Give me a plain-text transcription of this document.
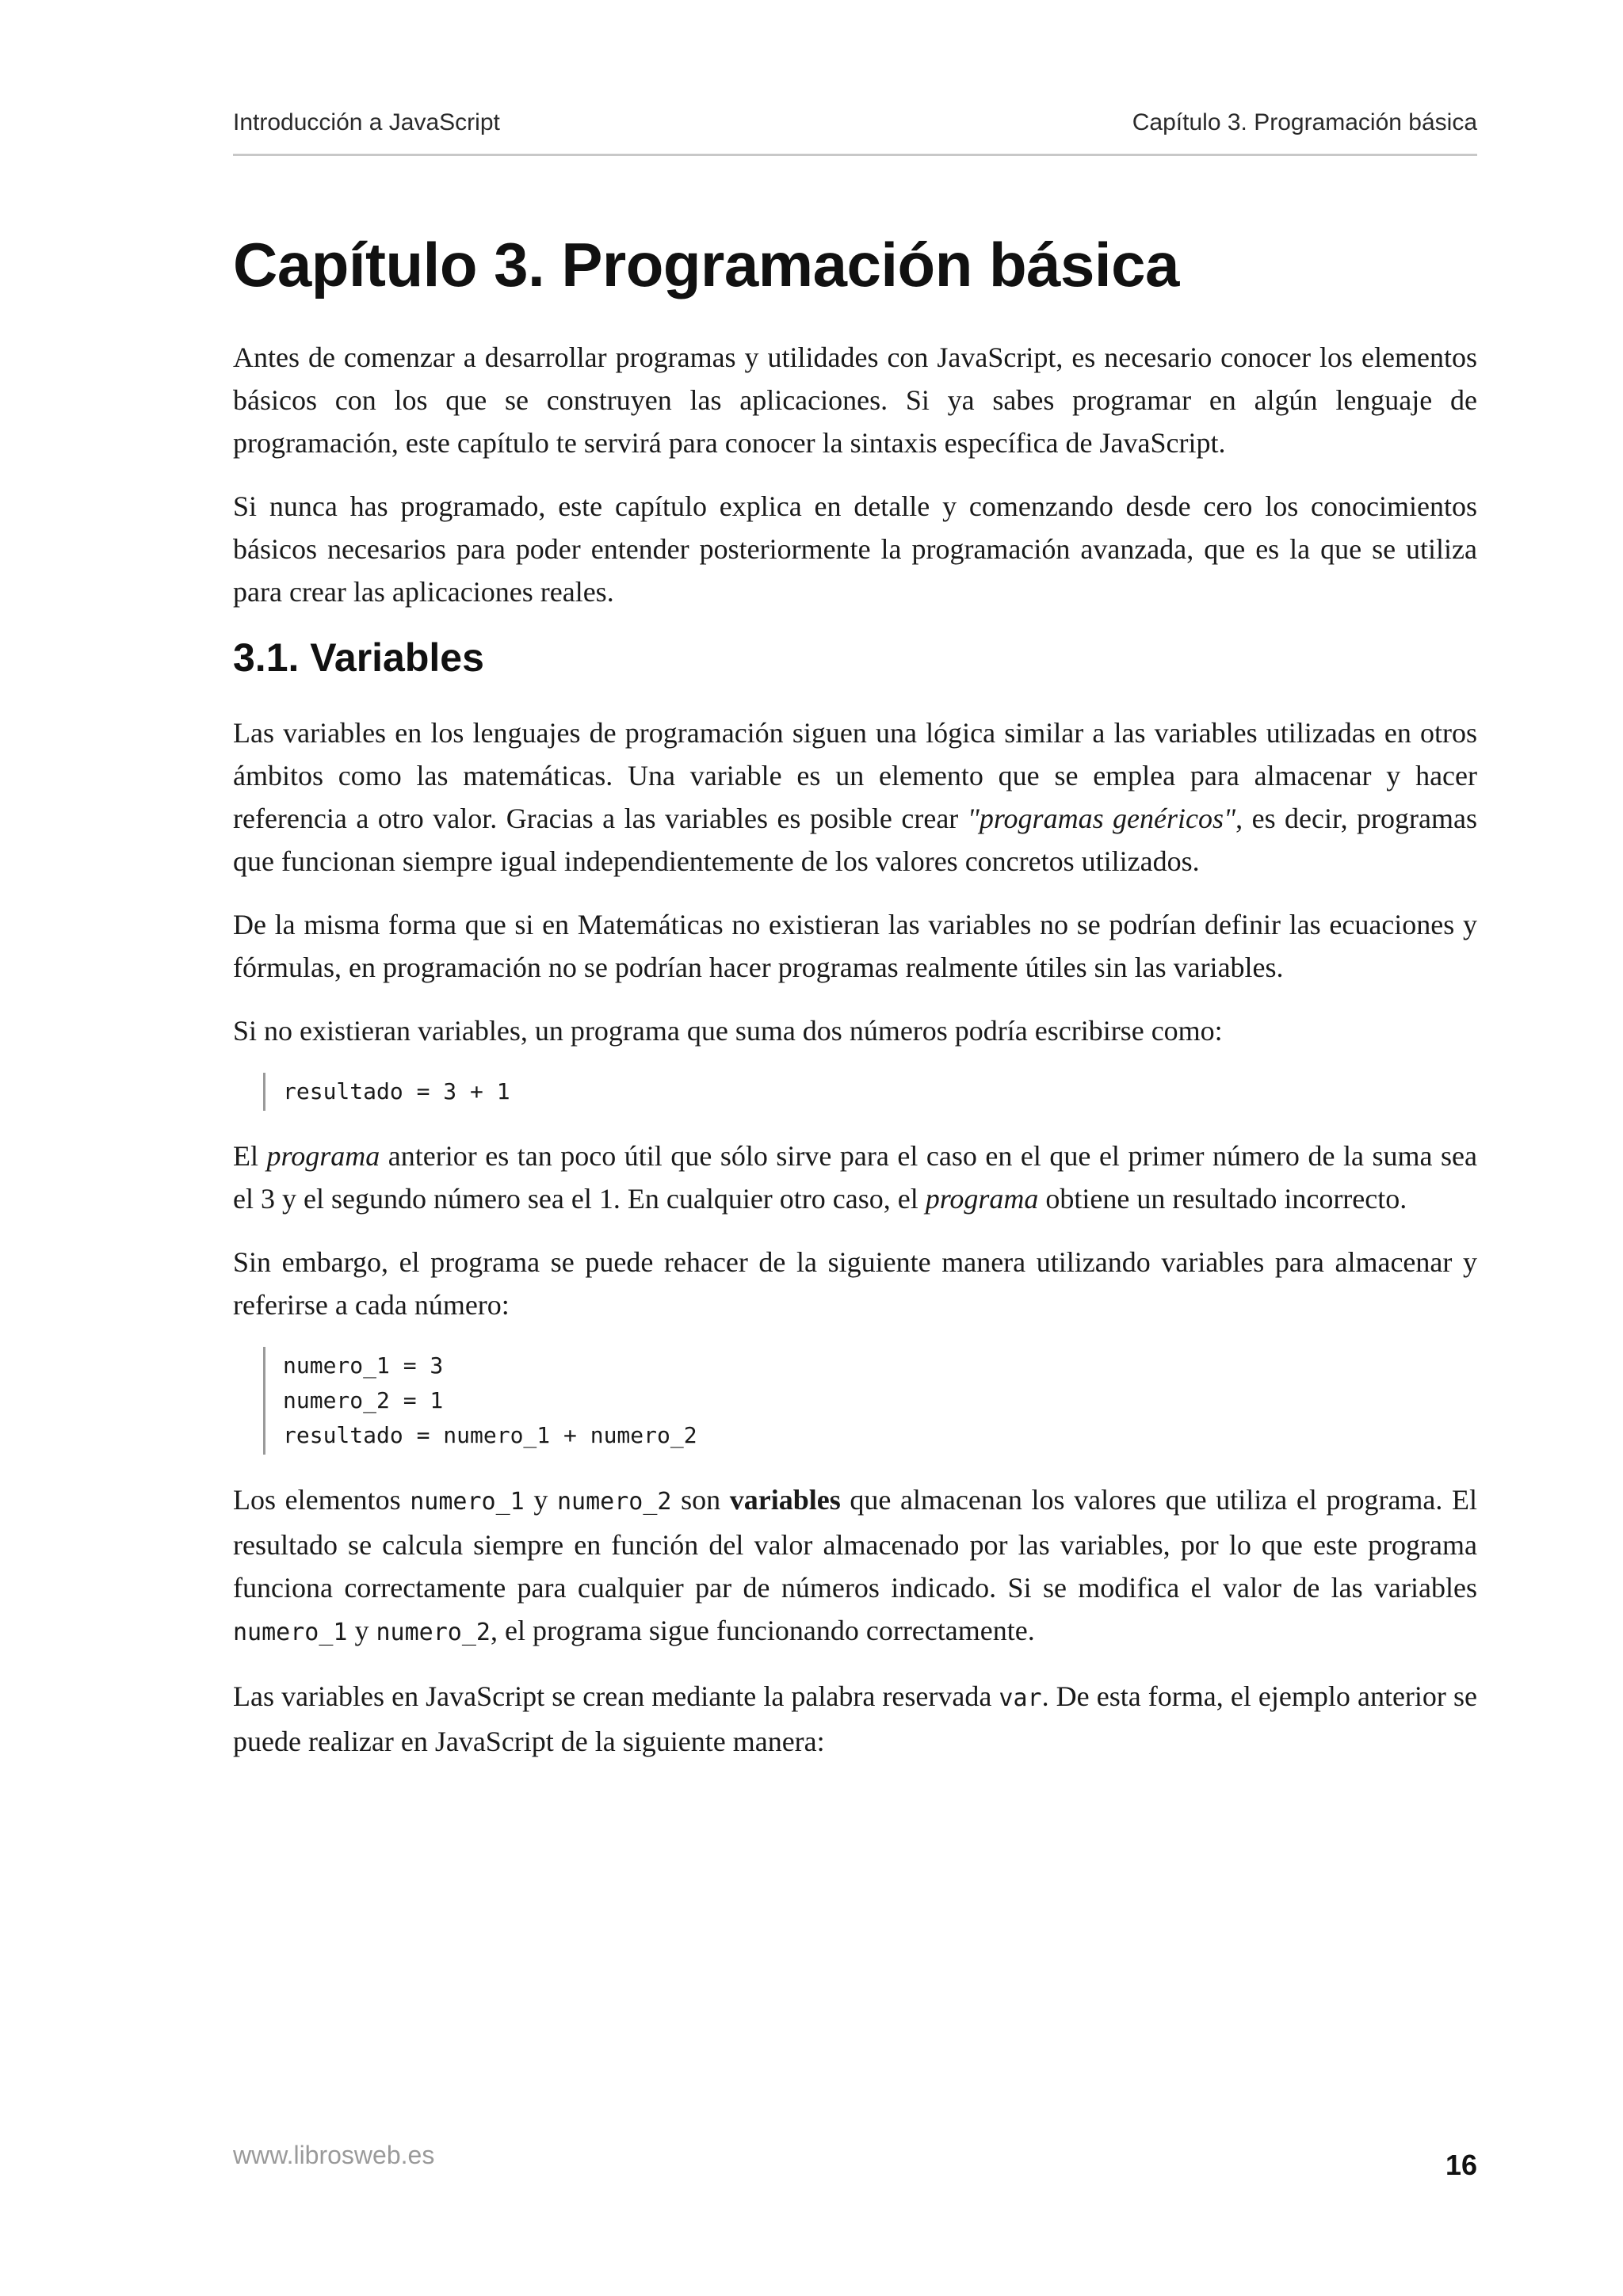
Introducción a JavaScript	Capítulo 3. Programación básica
Capítulo 3. Programación básica

Antes de comenzar a desarrollar programas y utilidades con JavaScript, es necesario conocer los elementos básicos con los que se construyen las aplicaciones. Si ya sabes programar en algún lenguaje de programación, este capítulo te servirá para conocer la sintaxis específica de JavaScript.

Si nunca has programado, este capítulo explica en detalle y comenzando desde cero los conocimientos básicos necesarios para poder entender posteriormente la programación avanzada, que es la que se utiliza para crear las aplicaciones reales.

3.1. Variables

Las variables en los lenguajes de programación siguen una lógica similar a las variables utilizadas en otros ámbitos como las matemáticas. Una variable es un elemento que se emplea para almacenar y hacer referencia a otro valor. Gracias a las variables es posible crear "programas genéricos", es decir, programas que funcionan siempre igual independientemente de los valores concretos utilizados.

De la misma forma que si en Matemáticas no existieran las variables no se podrían definir las ecuaciones y fórmulas, en programación no se podrían hacer programas realmente útiles sin las variables.

Si no existieran variables, un programa que suma dos números podría escribirse como:

resultado = 3 + 1

El programa anterior es tan poco útil que sólo sirve para el caso en el que el primer número de la suma sea el 3 y el segundo número sea el 1. En cualquier otro caso, el programa obtiene un resultado incorrecto.

Sin embargo, el programa se puede rehacer de la siguiente manera utilizando variables para almacenar y referirse a cada número:

numero_1 = 3
numero_2 = 1
resultado = numero_1 + numero_2

Los elementos numero_1 y numero_2 son variables que almacenan los valores que utiliza el programa. El resultado se calcula siempre en función del valor almacenado por las variables, por lo que este programa funciona correctamente para cualquier par de números indicado. Si se modifica el valor de las variables numero_1 y numero_2, el programa sigue funcionando correctamente.

Las variables en JavaScript se crean mediante la palabra reservada var. De esta forma, el ejemplo anterior se puede realizar en JavaScript de la siguiente manera:

www.librosweb.es	16
